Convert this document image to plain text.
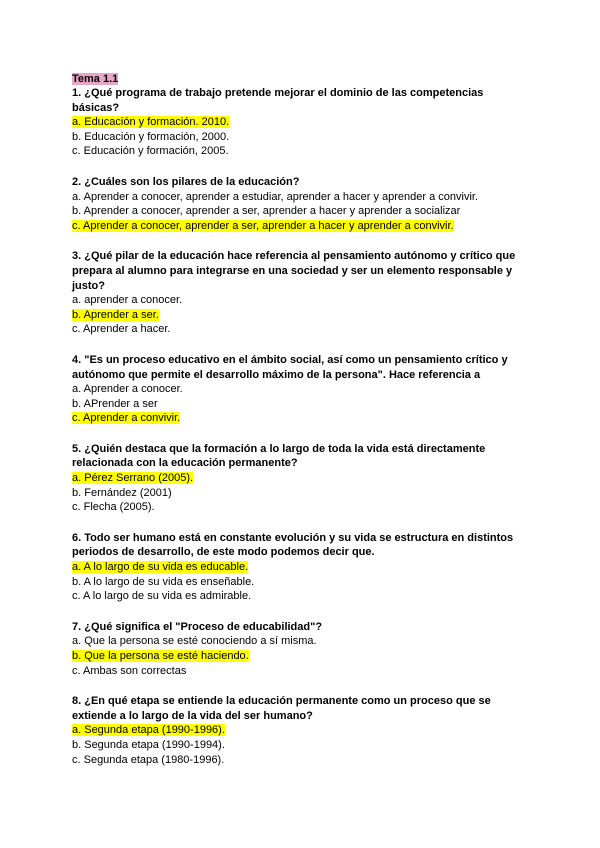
Tema 1.1

1. ¿Qué programa de trabajo pretende mejorar el dominio de las competencias básicas?

a. Educación y formación. 2010.

b. Educación y formación, 2000.

c. Educación y formación, 2005.

2. ¿Cuáles son los pilares de la educación?

a. Aprender a conocer, aprender a estudiar, aprender a hacer y aprender a convivir.

b. Aprender a conocer, aprender a ser, aprender a hacer y aprender a socializar

c. Aprender a conocer, aprender a ser, aprender a hacer y aprender a convivir.

3. ¿Qué pilar de la educación hace referencia al pensamiento autónomo y crítico que prepara al alumno para integrarse en una sociedad y ser un elemento responsable y justo?

a. aprender a conocer.

b. Aprender a ser.

c. Aprender a hacer.

4. "Es un proceso educativo en el ámbito social, así como un pensamiento crítico y autónomo que permite el desarrollo máximo de la persona". Hace referencia a

a. Aprender a conocer.

b. APrender a ser

c. Aprender a convivir.

5. ¿Quién destaca que la formación a lo largo de toda la vida está directamente relacionada con la educación permanente?

a. Pérez Serrano (2005).

b. Fernández (2001)

c. Flecha (2005).

6. Todo ser humano está en constante evolución y su vida se estructura en distintos periodos de desarrollo, de este modo podemos decir que.

a. A lo largo de su vida es educable.

b. A lo largo de su vida es enseñable.

c. A lo largo de su vida es admirable.

7. ¿Qué significa el "Proceso de educabilidad"?

a. Que la persona se esté conociendo a sí misma.

b. Que la persona se esté haciendo.

c. Ambas son correctas

8. ¿En qué etapa se entiende la educación permanente como un proceso que se extiende a lo largo de la vida del ser humano?

a. Segunda etapa (1990-1996).

b. Segunda etapa (1990-1994).

c. Segunda etapa (1980-1996).
